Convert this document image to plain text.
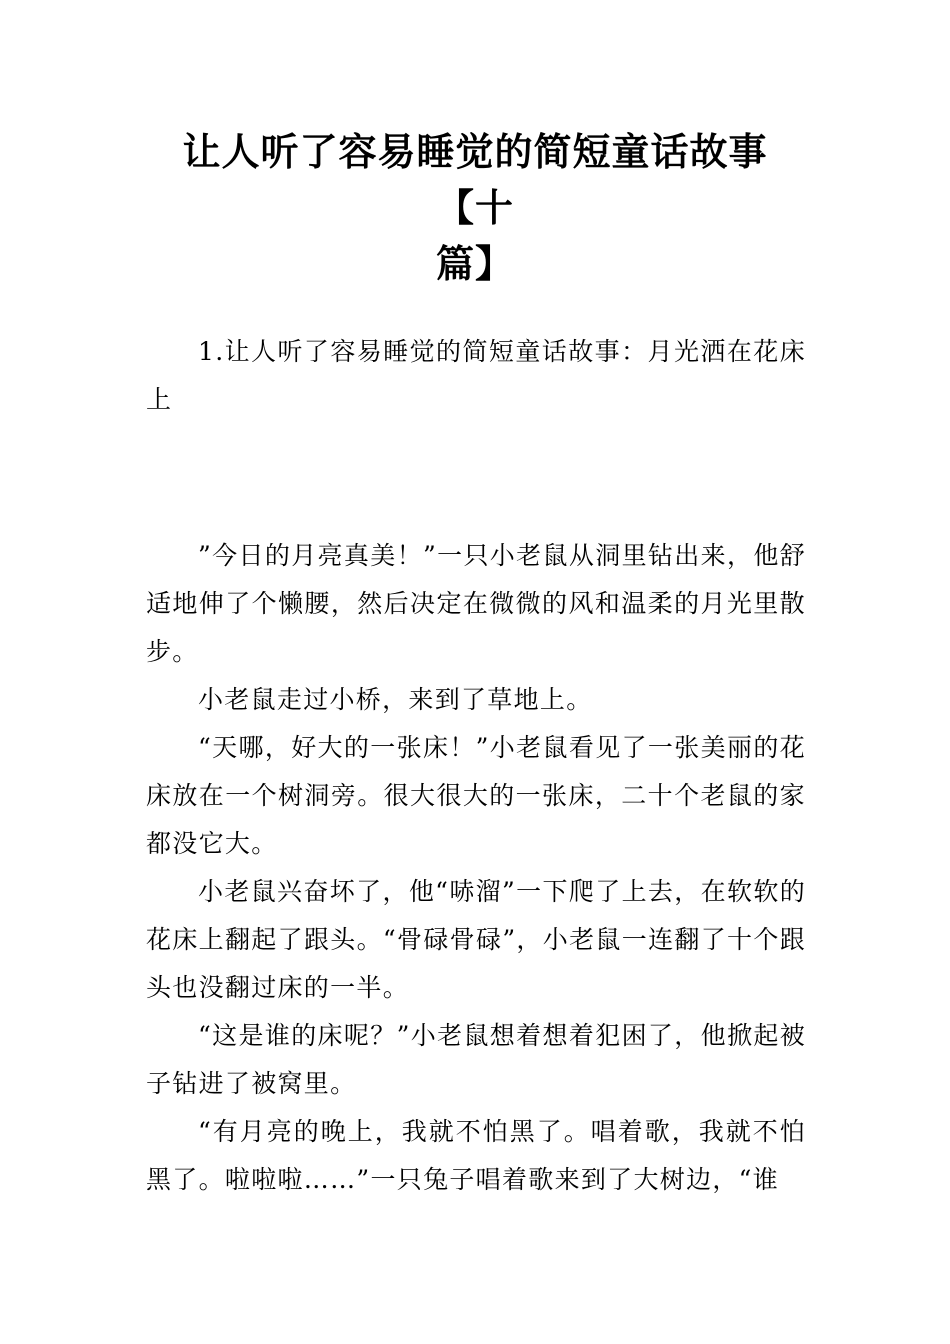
让人听了容易睡觉的简短童话故事【十
篇】

1.让人听了容易睡觉的简短童话故事：月光洒在花床上

”今日的月亮真美！”一只小老鼠从洞里钻出来，他舒适地伸了个懒腰，然后决定在微微的风和温柔的月光里散步。

小老鼠走过小桥，来到了草地上。

“天哪，好大的一张床！”小老鼠看见了一张美丽的花床放在一个树洞旁。很大很大的一张床，二十个老鼠的家都没它大。

小老鼠兴奋坏了，他“哧溜”一下爬了上去，在软软的花床上翻起了跟头。“骨碌骨碌”，小老鼠一连翻了十个跟头也没翻过床的一半。

“这是谁的床呢？”小老鼠想着想着犯困了，他掀起被子钻进了被窝里。

“有月亮的晚上，我就不怕黑了。唱着歌，我就不怕黑了。啦啦啦……”一只兔子唱着歌来到了大树边，“谁
